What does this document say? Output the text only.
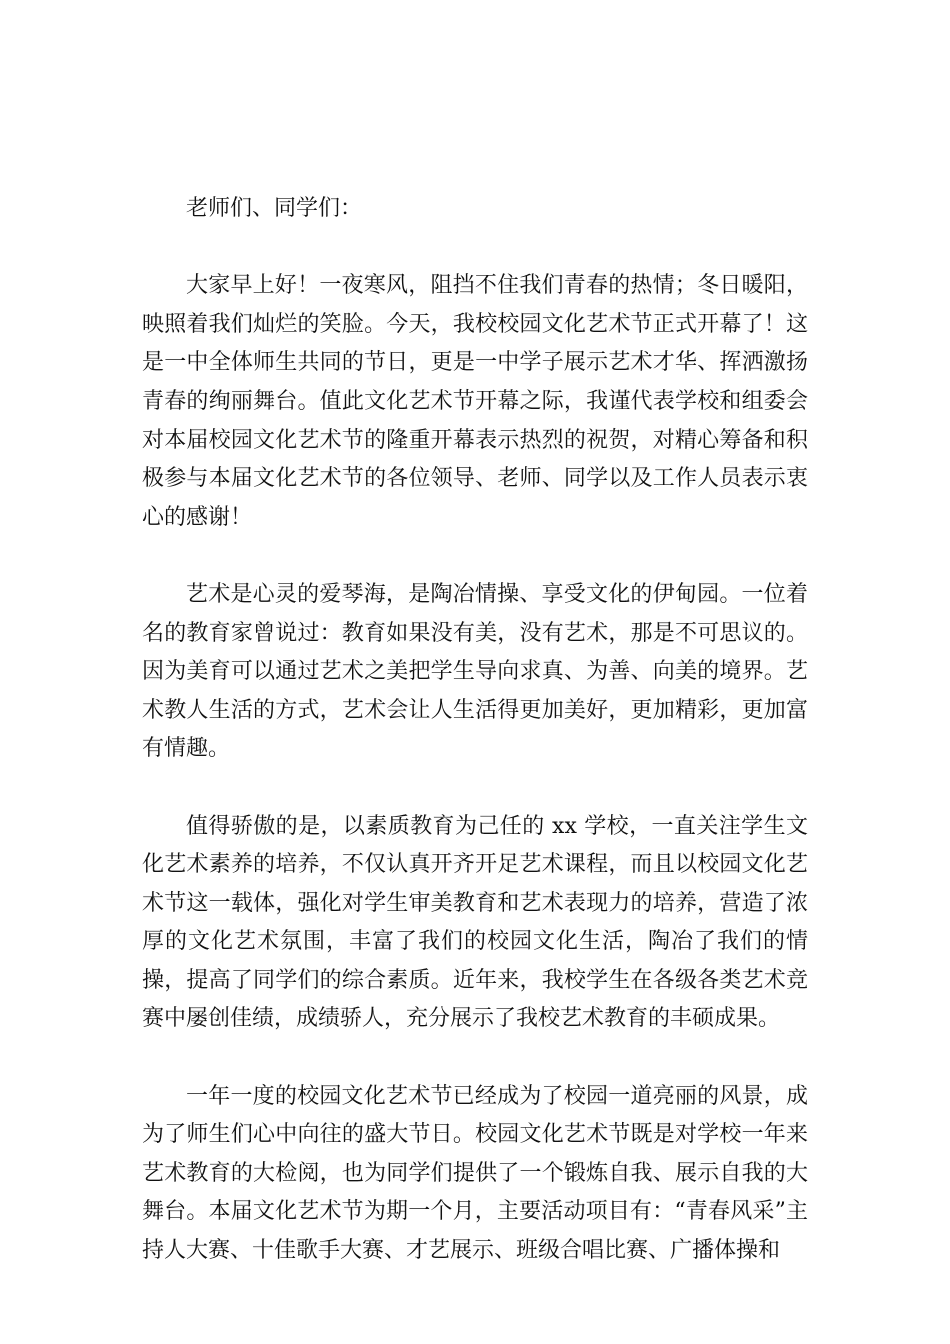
老师们、同学们：

大家早上好！一夜寒风，阻挡不住我们青春的热情；冬日暖阳，映照着我们灿烂的笑脸。今天，我校校园文化艺术节正式开幕了！这是一中全体师生共同的节日，更是一中学子展示艺术才华、挥洒激扬青春的绚丽舞台。值此文化艺术节开幕之际，我谨代表学校和组委会对本届校园文化艺术节的隆重开幕表示热烈的祝贺，对精心筹备和积极参与本届文化艺术节的各位领导、老师、同学以及工作人员表示衷心的感谢！

艺术是心灵的爱琴海，是陶冶情操、享受文化的伊甸园。一位着名的教育家曾说过：教育如果没有美，没有艺术，那是不可思议的。因为美育可以通过艺术之美把学生导向求真、为善、向美的境界。艺术教人生活的方式，艺术会让人生活得更加美好，更加精彩，更加富有情趣。

值得骄傲的是，以素质教育为己任的 xx 学校，一直关注学生文化艺术素养的培养，不仅认真开齐开足艺术课程，而且以校园文化艺术节这一载体，强化对学生审美教育和艺术表现力的培养，营造了浓厚的文化艺术氛围，丰富了我们的校园文化生活，陶冶了我们的情操，提高了同学们的综合素质。近年来，我校学生在各级各类艺术竞赛中屡创佳绩，成绩骄人，充分展示了我校艺术教育的丰硕成果。

一年一度的校园文化艺术节已经成为了校园一道亮丽的风景，成为了师生们心中向往的盛大节日。校园文化艺术节既是对学校一年来艺术教育的大检阅，也为同学们提供了一个锻炼自我、展示自我的大舞台。本届文化艺术节为期一个月，主要活动项目有：“青春风采”主持人大赛、十佳歌手大赛、才艺展示、班级合唱比赛、广播体操和
